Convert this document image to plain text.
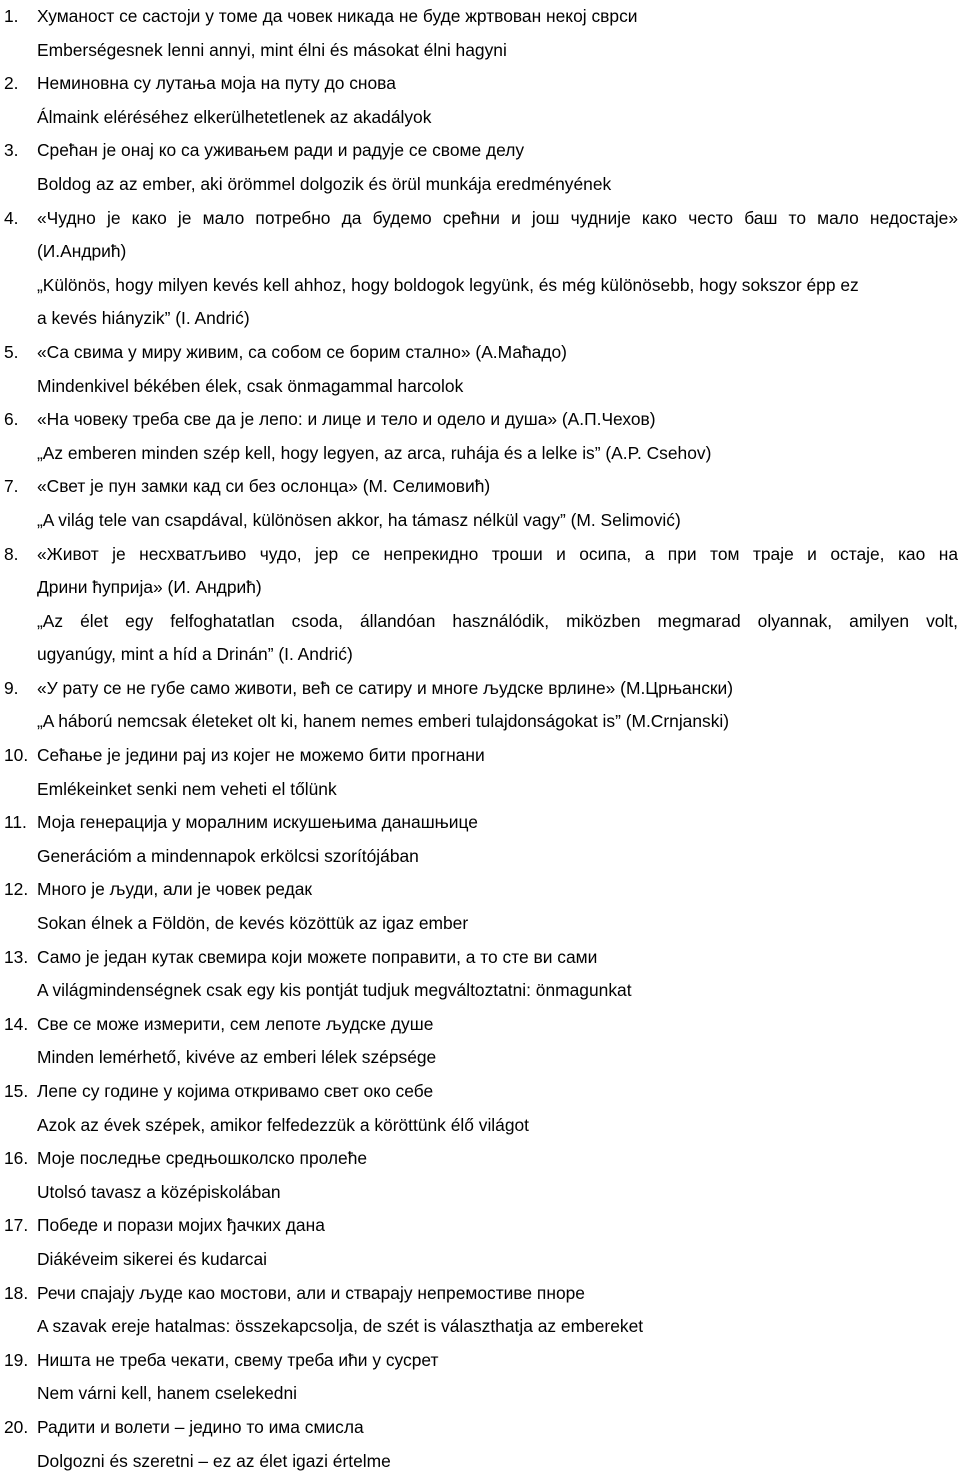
1. Хуманост се састоји у томе да човек никада не буде жртвован некој сврси
Emberségesnek lenni annyi, mint élni és másokat élni hagyni
2. Неминовна су лутања моја на путу до снова
Álmaink eléréséhez elkerülhetetlenek az akadályok
3. Срећан је онај ко са уживањем ради и радује се своме делу
Boldog az az ember, aki örömmel dolgozik és örül munkája eredményének
4. «Чудно је како је мало потребно да будемо срећни и још чудније како често баш то мало недостаје»
(И.Андрић)
„Különös, hogy milyen kevés kell ahhoz, hogy boldogok legyünk, és még különösebb, hogy sokszor épp ez
a kevés hiányzik” (I. Andrić)
5. «Са свима у миру живим, са собом се борим стално» (А.Маћадо)
Mindenkivel békében élek, csak önmagammal harcolok
6. «На човеку треба све да је лепо: и лице и тело и одело и душа» (А.П.Чехов)
„Az emberen minden szép kell, hogy legyen, az arca, ruhája és a lelke is” (A.P. Csehov)
7. «Свет је пун замки кад си без ослонца» (М. Селимовић)
„A világ tele van csapdával, különösen akkor, ha támasz nélkül vagy” (M. Selimović)
8. «Живот је несхватљиво чудо, јер се непрекидно троши и осипа, а при том траје и остаје, као на
Дрини ћуприја» (И. Андрић)
„Az élet egy felfoghatatlan csoda, állandóan használódik, miközben megmarad olyannak, amilyen volt,
ugyanúgy, mint a híd a Drinán” (I. Andrić)
9. «У рату се не губе само животи, већ се сатиру и многе људске врлине» (М.Црњански)
„A háború nemcsak életeket olt ki, hanem nemes emberi tulajdonságokat is” (M.Crnjanski)
10. Сећање је једини рај из којег не можемо бити прогнани
Emlékeinket senki nem veheti el tőlünk
11. Моја генерација у моралним искушењима данашњице
Generációm a mindennapok erkölcsi szorítójában
12. Много је људи, али је човек редак
Sokan élnek a Földön, de kevés közöttük az igaz ember
13. Само је један кутак свемира који можете поправити, а то сте ви сами
A világmindenségnek csak egy kis pontját tudjuk megváltoztatni: önmagunkat
14. Све се може измерити, сем лепоте људске душе
Minden lemérhető, kivéve az emberi lélek szépsége
15. Лепе су године у којима откривамо свет око себе
Azok az évek szépek, amikor felfedezzük a köröttünk élő világot
16. Моје последње средњошколско пролеће
Utolsó tavasz a középiskolában
17. Победе и порази мојих ђачких дана
Diákéveim sikerei és kudarcai
18. Речи спајају људе као мостови, али и стварају непремостиве пноре
A szavak ereje hatalmas: összekapcsolja, de szét is választhatja az embereket
19. Ништа не треба чекати, свему треба ићи у сусрет
Nem várni kell, hanem cselekedni
20. Радити и волети – једино то има смисла
Dolgozni és szeretni – ez az élet igazi értelme
